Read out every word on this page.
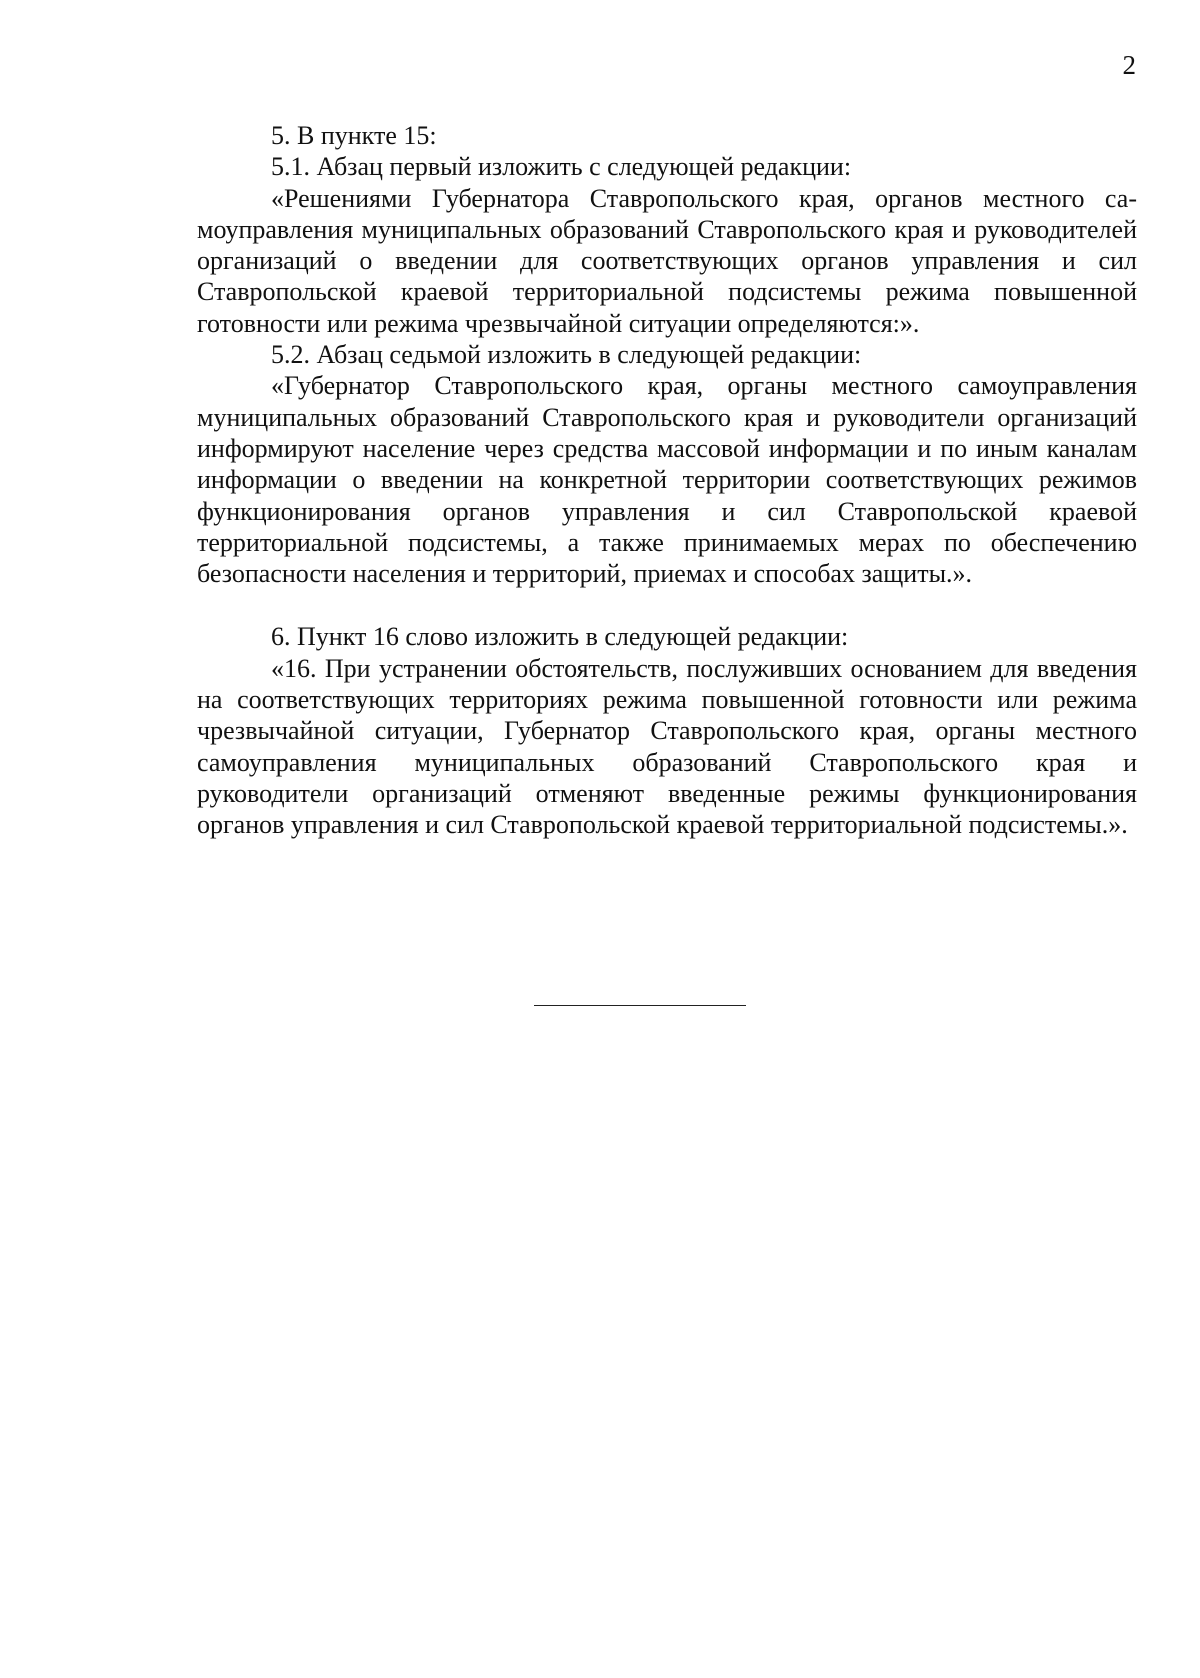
2

5. В пункте 15:

5.1. Абзац первый изложить с следующей редакции:

«Решениями Губернатора Ставропольского края, органов местного самоуправления муниципальных образований Ставропольского края и руководителей организаций о введении для соответствующих органов управления и сил Ставропольской краевой территориальной подсистемы режима повышенной готовности или режима чрезвычайной ситуации определяются:».

5.2. Абзац седьмой изложить в следующей редакции:

«Губернатор Ставропольского края, органы местного самоуправления муниципальных образований Ставропольского края и руководители организаций информируют население через средства массовой информации и по иным каналам информации о введении на конкретной территории соответствующих режимов функционирования органов управления и сил Ставропольской краевой территориальной подсистемы, а также принимаемых мерах по обеспечению безопасности населения и территорий, приемах и способах защиты.».

6. Пункт 16 слово изложить в следующей редакции:

«16. При устранении обстоятельств, послуживших основанием для введения на соответствующих территориях режима повышенной готовности или режима чрезвычайной ситуации, Губернатор Ставропольского края, органы местного самоуправления муниципальных образований Ставропольского края и руководители организаций отменяют введенные режимы функционирования органов управления и сил Ставропольской краевой территориальной подсистемы.».
